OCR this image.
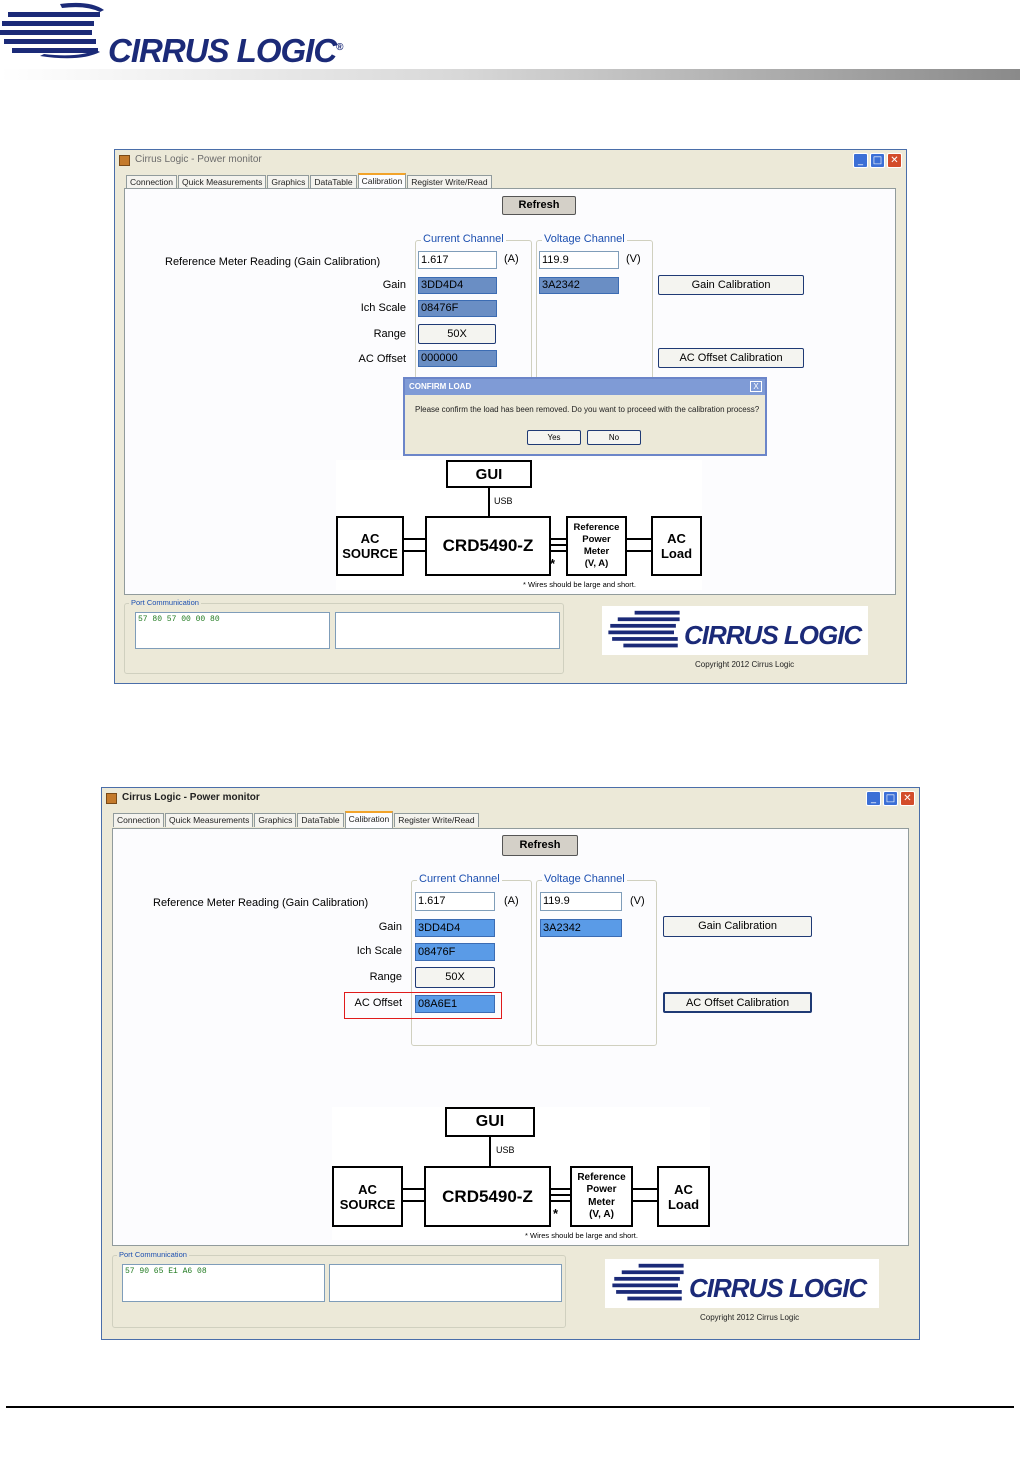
CIRRUS LOGIC®
Cirrus Logic - Power monitor	_ □ ✕
Connection	Quick Measurements	Graphics	DataTable	Calibration	Register Write/Read
Refresh
Current Channel	Voltage Channel
Reference Meter Reading (Gain Calibration)	1.617	(A) 119.9	(V)
Gain 3DD4D4	3A2342	Gain Calibration
Ich Scale 08476F
Range	50X
AC Offset 000000	AC Offset Calibration
GUI
USB
AC
SOURCE	CRD5490-Z
*
Reference
Power
Meter
(V, A)
AC
Load
* Wires should be large and short.
Port Communication
57 80 57 00 00 80
CIRRUS LOGIC
Copyright 2012 Cirrus Logic
CONFIRM LOAD	X
Please confirm the load has been removed. Do you want to proceed with the calibration process?
Yes	No
Cirrus Logic - Power monitor	_ □ ✕
Connection	Quick Measurements	Graphics	DataTable	Calibration	Register Write/Read
Refresh
Current Channel	Voltage Channel
Reference Meter Reading (Gain Calibration)	1.617	(A) 119.9	(V)
Gain 3DD4D4	3A2342	Gain Calibration
Ich Scale 08476F
Range	50X
AC Offset 08A6E1	AC Offset Calibration
GUI
USB
AC
SOURCE	CRD5490-Z
*
Reference
Power
Meter
(V, A)
AC
Load
* Wires should be large and short.
Port Communication
57 90 65 E1 A6 08
CIRRUS LOGIC
Copyright 2012 Cirrus Logic
